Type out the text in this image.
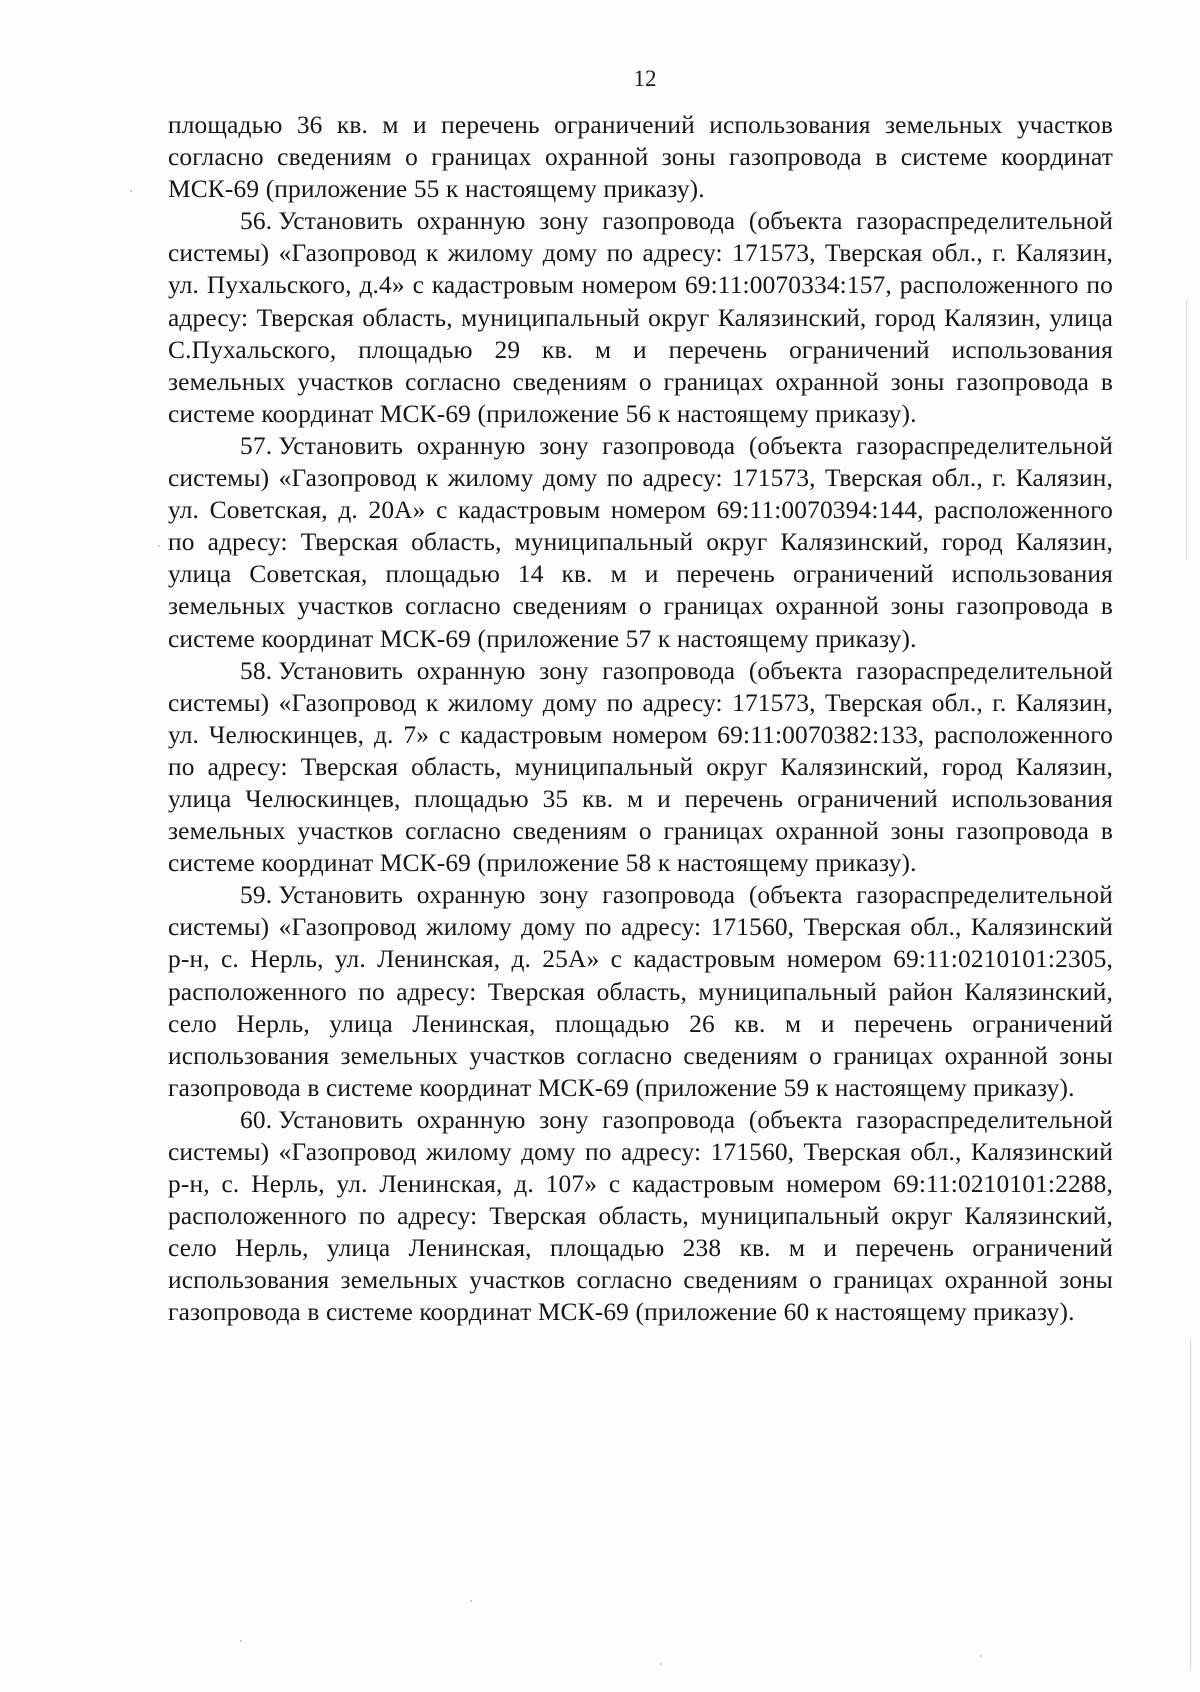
12

площадью 36 кв. м и перечень ограничений использования земельных участков согласно сведениям о границах охранной зоны газопровода в системе координат МСК-69 (приложение 55 к настоящему приказу).

56. Установить охранную зону газопровода (объекта газораспределительной системы) «Газопровод к жилому дому по адресу: 171573, Тверская обл., г. Калязин, ул. Пухальского, д.4» с кадастровым номером 69:11:0070334:157, расположенного по адресу: Тверская область, муниципальный округ Калязинский, город Калязин, улица С.Пухальского, площадью 29 кв. м и перечень ограничений использования земельных участков согласно сведениям о границах охранной зоны газопровода в системе координат МСК-69 (приложение 56 к настоящему приказу).

57. Установить охранную зону газопровода (объекта газораспределительной системы) «Газопровод к жилому дому по адресу: 171573, Тверская обл., г. Калязин, ул. Советская, д. 20А» с кадастровым номером 69:11:0070394:144, расположенного по адресу: Тверская область, муниципальный округ Калязинский, город Калязин, улица Советская, площадью 14 кв. м и перечень ограничений использования земельных участков согласно сведениям о границах охранной зоны газопровода в системе координат МСК-69 (приложение 57 к настоящему приказу).

58. Установить охранную зону газопровода (объекта газораспределительной системы) «Газопровод к жилому дому по адресу: 171573, Тверская обл., г. Калязин, ул. Челюскинцев, д. 7» с кадастровым номером 69:11:0070382:133, расположенного по адресу: Тверская область, муниципальный округ Калязинский, город Калязин, улица Челюскинцев, площадью 35 кв. м и перечень ограничений использования земельных участков согласно сведениям о границах охранной зоны газопровода в системе координат МСК-69 (приложение 58 к настоящему приказу).

59. Установить охранную зону газопровода (объекта газораспределительной системы) «Газопровод жилому дому по адресу: 171560, Тверская обл., Калязинский р-н, с. Нерль, ул. Ленинская, д. 25А» с кадастровым номером 69:11:0210101:2305, расположенного по адресу: Тверская область, муниципальный район Калязинский, село Нерль, улица Ленинская, площадью 26 кв. м и перечень ограничений использования земельных участков согласно сведениям о границах охранной зоны газопровода в системе координат МСК-69 (приложение 59 к настоящему приказу).

60. Установить охранную зону газопровода (объекта газораспределительной системы) «Газопровод жилому дому по адресу: 171560, Тверская обл., Калязинский р-н, с. Нерль, ул. Ленинская, д. 107» с кадастровым номером 69:11:0210101:2288, расположенного по адресу: Тверская область, муниципальный округ Калязинский, село Нерль, улица Ленинская, площадью 238 кв. м и перечень ограничений использования земельных участков согласно сведениям о границах охранной зоны газопровода в системе координат МСК-69 (приложение 60 к настоящему приказу).
